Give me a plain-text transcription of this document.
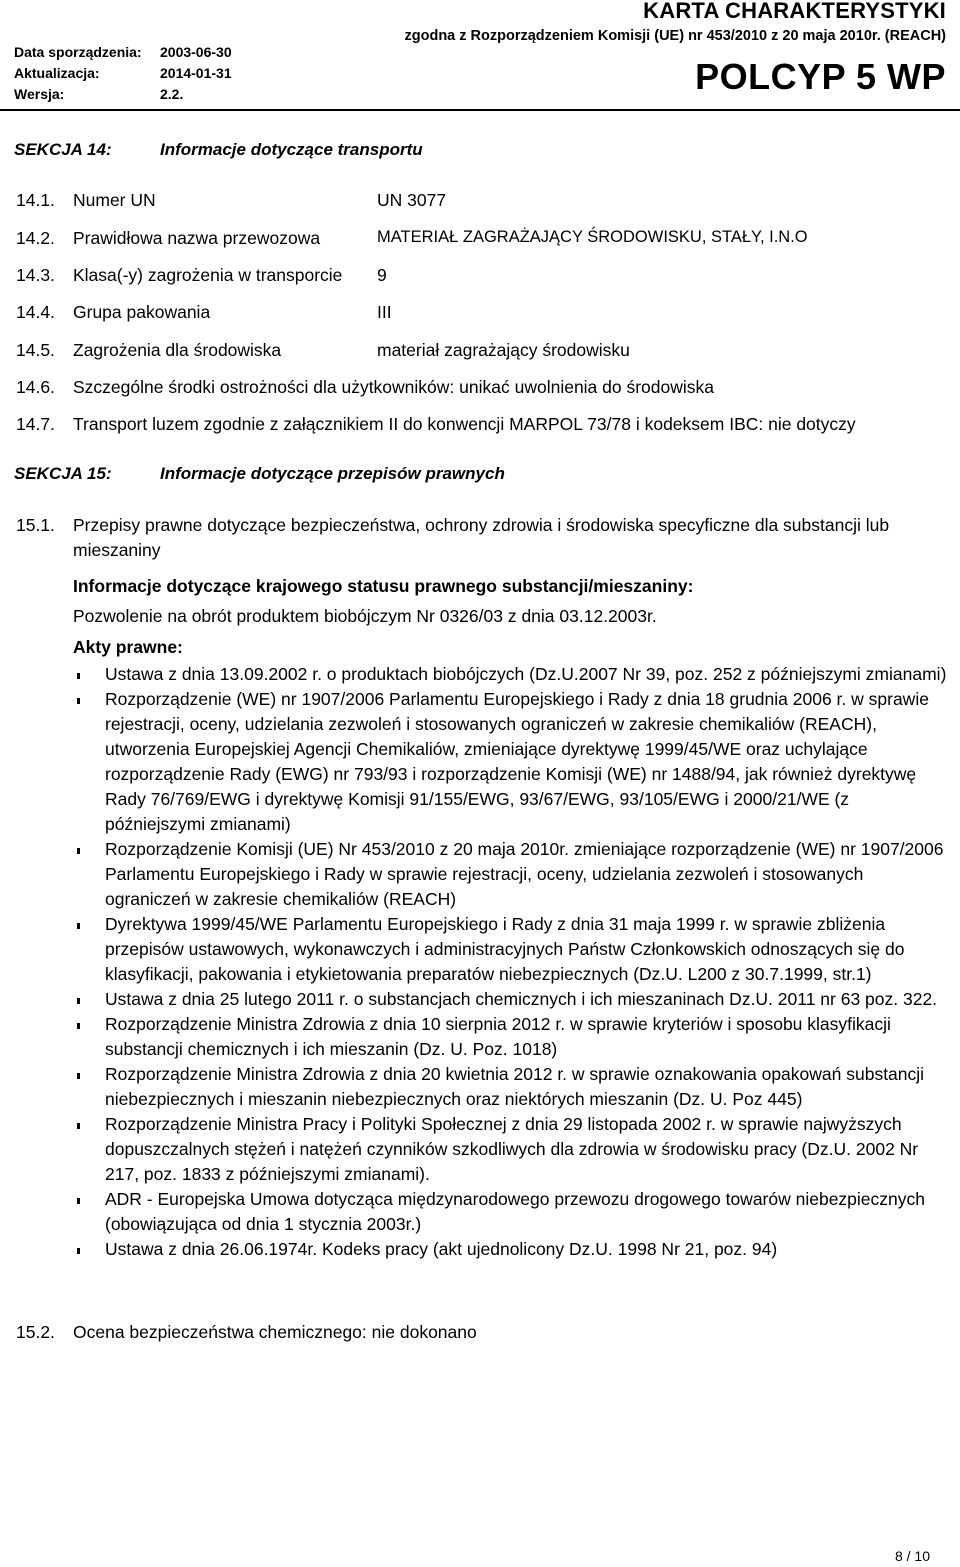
Data sporządzenia: 2003-06-30
Aktualizacja:	2014-01-31
Wersja:	2.2.
KARTA CHARAKTERYSTYKI
zgodna z Rozporządzeniem Komisji (UE) nr 453/2010 z 20 maja 2010r. (REACH)
POLCYP 5 WP
SEKCJA 14:	Informacje dotyczące transportu
14.1. Numer UN	UN 3077
14.2. Prawidłowa nazwa przewozowa	MATERIAŁ ZAGRAŻAJĄCY ŚRODOWISKU, STAŁY, I.N.O
14.3. Klasa(-y) zagrożenia w transporcie 9
14.4. Grupa pakowania	III
14.5. Zagrożenia dla środowiska	materiał zagrażający środowisku
14.6. Szczególne środki ostrożności dla użytkowników: unikać uwolnienia do środowiska
14.7. Transport luzem zgodnie z załącznikiem II do konwencji MARPOL 73/78 i kodeksem IBC: nie dotyczy
SEKCJA 15:	Informacje dotyczące przepisów prawnych
15.1. Przepisy prawne dotyczące bezpieczeństwa, ochrony zdrowia i środowiska specyficzne dla substancji lub mieszaniny
Informacje dotyczące krajowego statusu prawnego substancji/mieszaniny:
Pozwolenie na obrót produktem biobójczym Nr 0326/03 z dnia 03.12.2003r.
Akty prawne:
Ustawa z dnia 13.09.2002 r. o produktach biobójczych (Dz.U.2007 Nr 39, poz. 252 z późniejszymi zmianami)
Rozporządzenie (WE) nr 1907/2006 Parlamentu Europejskiego i Rady z dnia 18 grudnia 2006 r. w sprawie rejestracji, oceny, udzielania zezwoleń i stosowanych ograniczeń w zakresie chemikaliów (REACH), utworzenia Europejskiej Agencji Chemikaliów, zmieniające dyrektywę 1999/45/WE oraz uchylające rozporządzenie Rady (EWG) nr 793/93 i rozporządzenie Komisji (WE) nr 1488/94, jak również dyrektywę Rady 76/769/EWG i dyrektywę Komisji 91/155/EWG, 93/67/EWG, 93/105/EWG i 2000/21/WE (z późniejszymi zmianami)
Rozporządzenie Komisji (UE) Nr 453/2010 z 20 maja 2010r. zmieniające rozporządzenie (WE) nr 1907/2006 Parlamentu Europejskiego i Rady w sprawie rejestracji, oceny, udzielania zezwoleń i stosowanych ograniczeń w zakresie chemikaliów (REACH)
Dyrektywa 1999/45/WE Parlamentu Europejskiego i Rady z dnia 31 maja 1999 r. w sprawie zbliżenia przepisów ustawowych, wykonawczych i administracyjnych Państw Członkowskich odnoszących się do klasyfikacji, pakowania i etykietowania preparatów niebezpiecznych (Dz.U. L200 z 30.7.1999, str.1)
Ustawa z dnia 25 lutego 2011 r. o substancjach chemicznych i ich mieszaninach Dz.U. 2011 nr 63 poz. 322.
Rozporządzenie Ministra Zdrowia z dnia 10 sierpnia 2012 r. w sprawie kryteriów i sposobu klasyfikacji substancji chemicznych i ich mieszanin (Dz. U. Poz. 1018)
Rozporządzenie Ministra Zdrowia z dnia 20 kwietnia 2012 r. w sprawie oznakowania opakowań substancji niebezpiecznych i mieszanin niebezpiecznych oraz niektórych mieszanin (Dz. U. Poz 445)
Rozporządzenie Ministra Pracy i Polityki Społecznej z dnia 29 listopada 2002 r. w sprawie najwyższych dopuszczalnych stężeń i natężeń czynników szkodliwych dla zdrowia w środowisku pracy (Dz.U. 2002 Nr 217, poz. 1833 z późniejszymi zmianami).
ADR - Europejska Umowa dotycząca międzynarodowego przewozu drogowego towarów niebezpiecznych (obowiązująca od dnia 1 stycznia 2003r.)
Ustawa z dnia 26.06.1974r. Kodeks pracy (akt ujednolicony Dz.U. 1998 Nr 21, poz. 94)
15.2. Ocena bezpieczeństwa chemicznego: nie dokonano
8 / 10
